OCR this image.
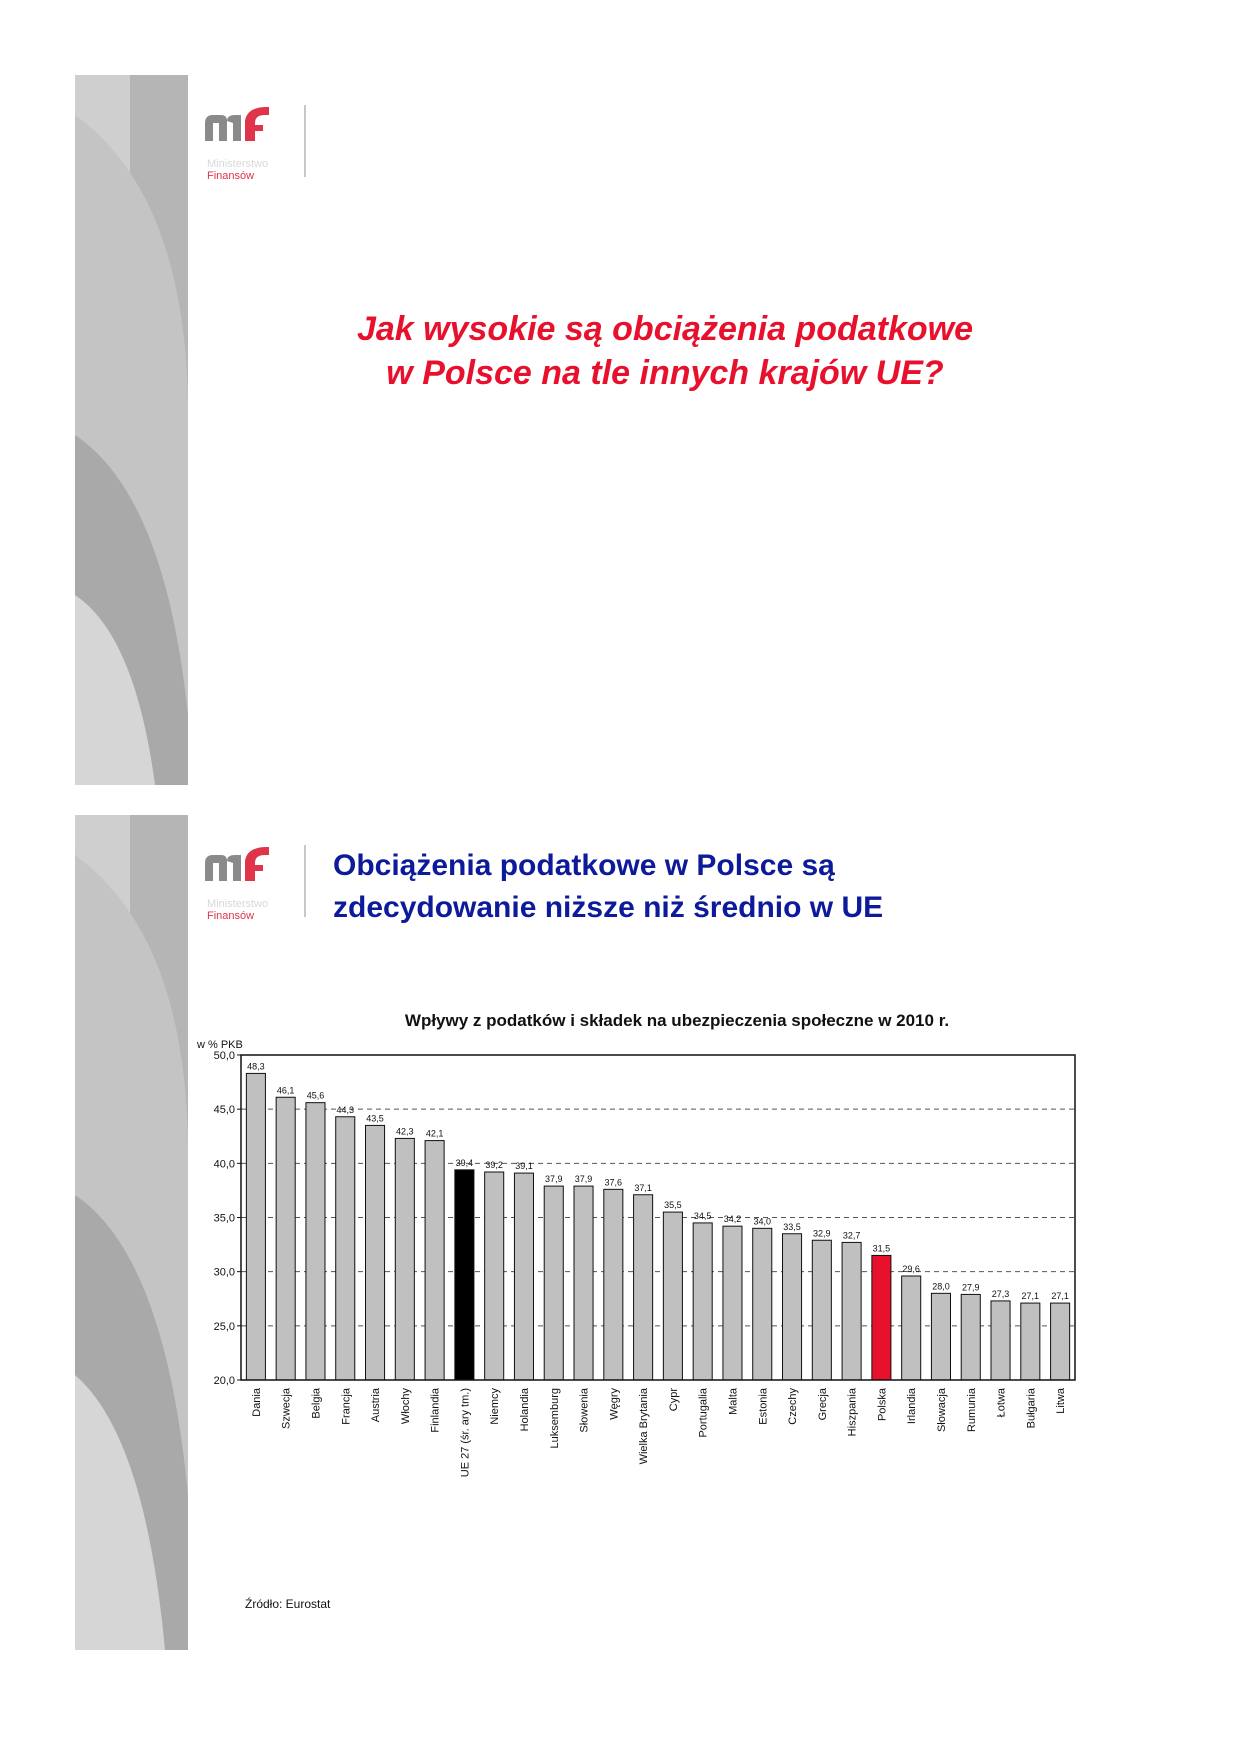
Ministerstwo
Finansów
Jak wysokie są obciążenia podatkowe
w Polsce na tle innych krajów UE?
Ministerstwo
Finansów
Obciążenia podatkowe w Polsce są
zdecydowanie niższe niż średnio w UE
Wpływy z podatków i składek na ubezpieczenia społeczne w 2010 r.
w % PKB
Źródło: Eurostat
20,0
25,0
30,0
35,0
40,0
45,0
50,0
Dania Szwecja Belgia Francja Austria Włochy Finlandia UE 27 (śr. ary tm.) Niemcy Holandia Luksemburg Słowenia Węgry Wielka Brytania Cypr Portugalia Malta Estonia Czechy Grecja Hiszpania Polska Irlandia Słowacja Rumunia Łotwa Bułgaria Litwa
48,3
46,1
45,6
44,3
43,5
42,3 42,1
39,4 39,2 39,1
37,9 37,9 37,6
37,1
35,5
34,5 34,2 34,0
33,5
32,9 32,7
31,5
29,6
28,0 27,9
27,3 27,1 27,1
